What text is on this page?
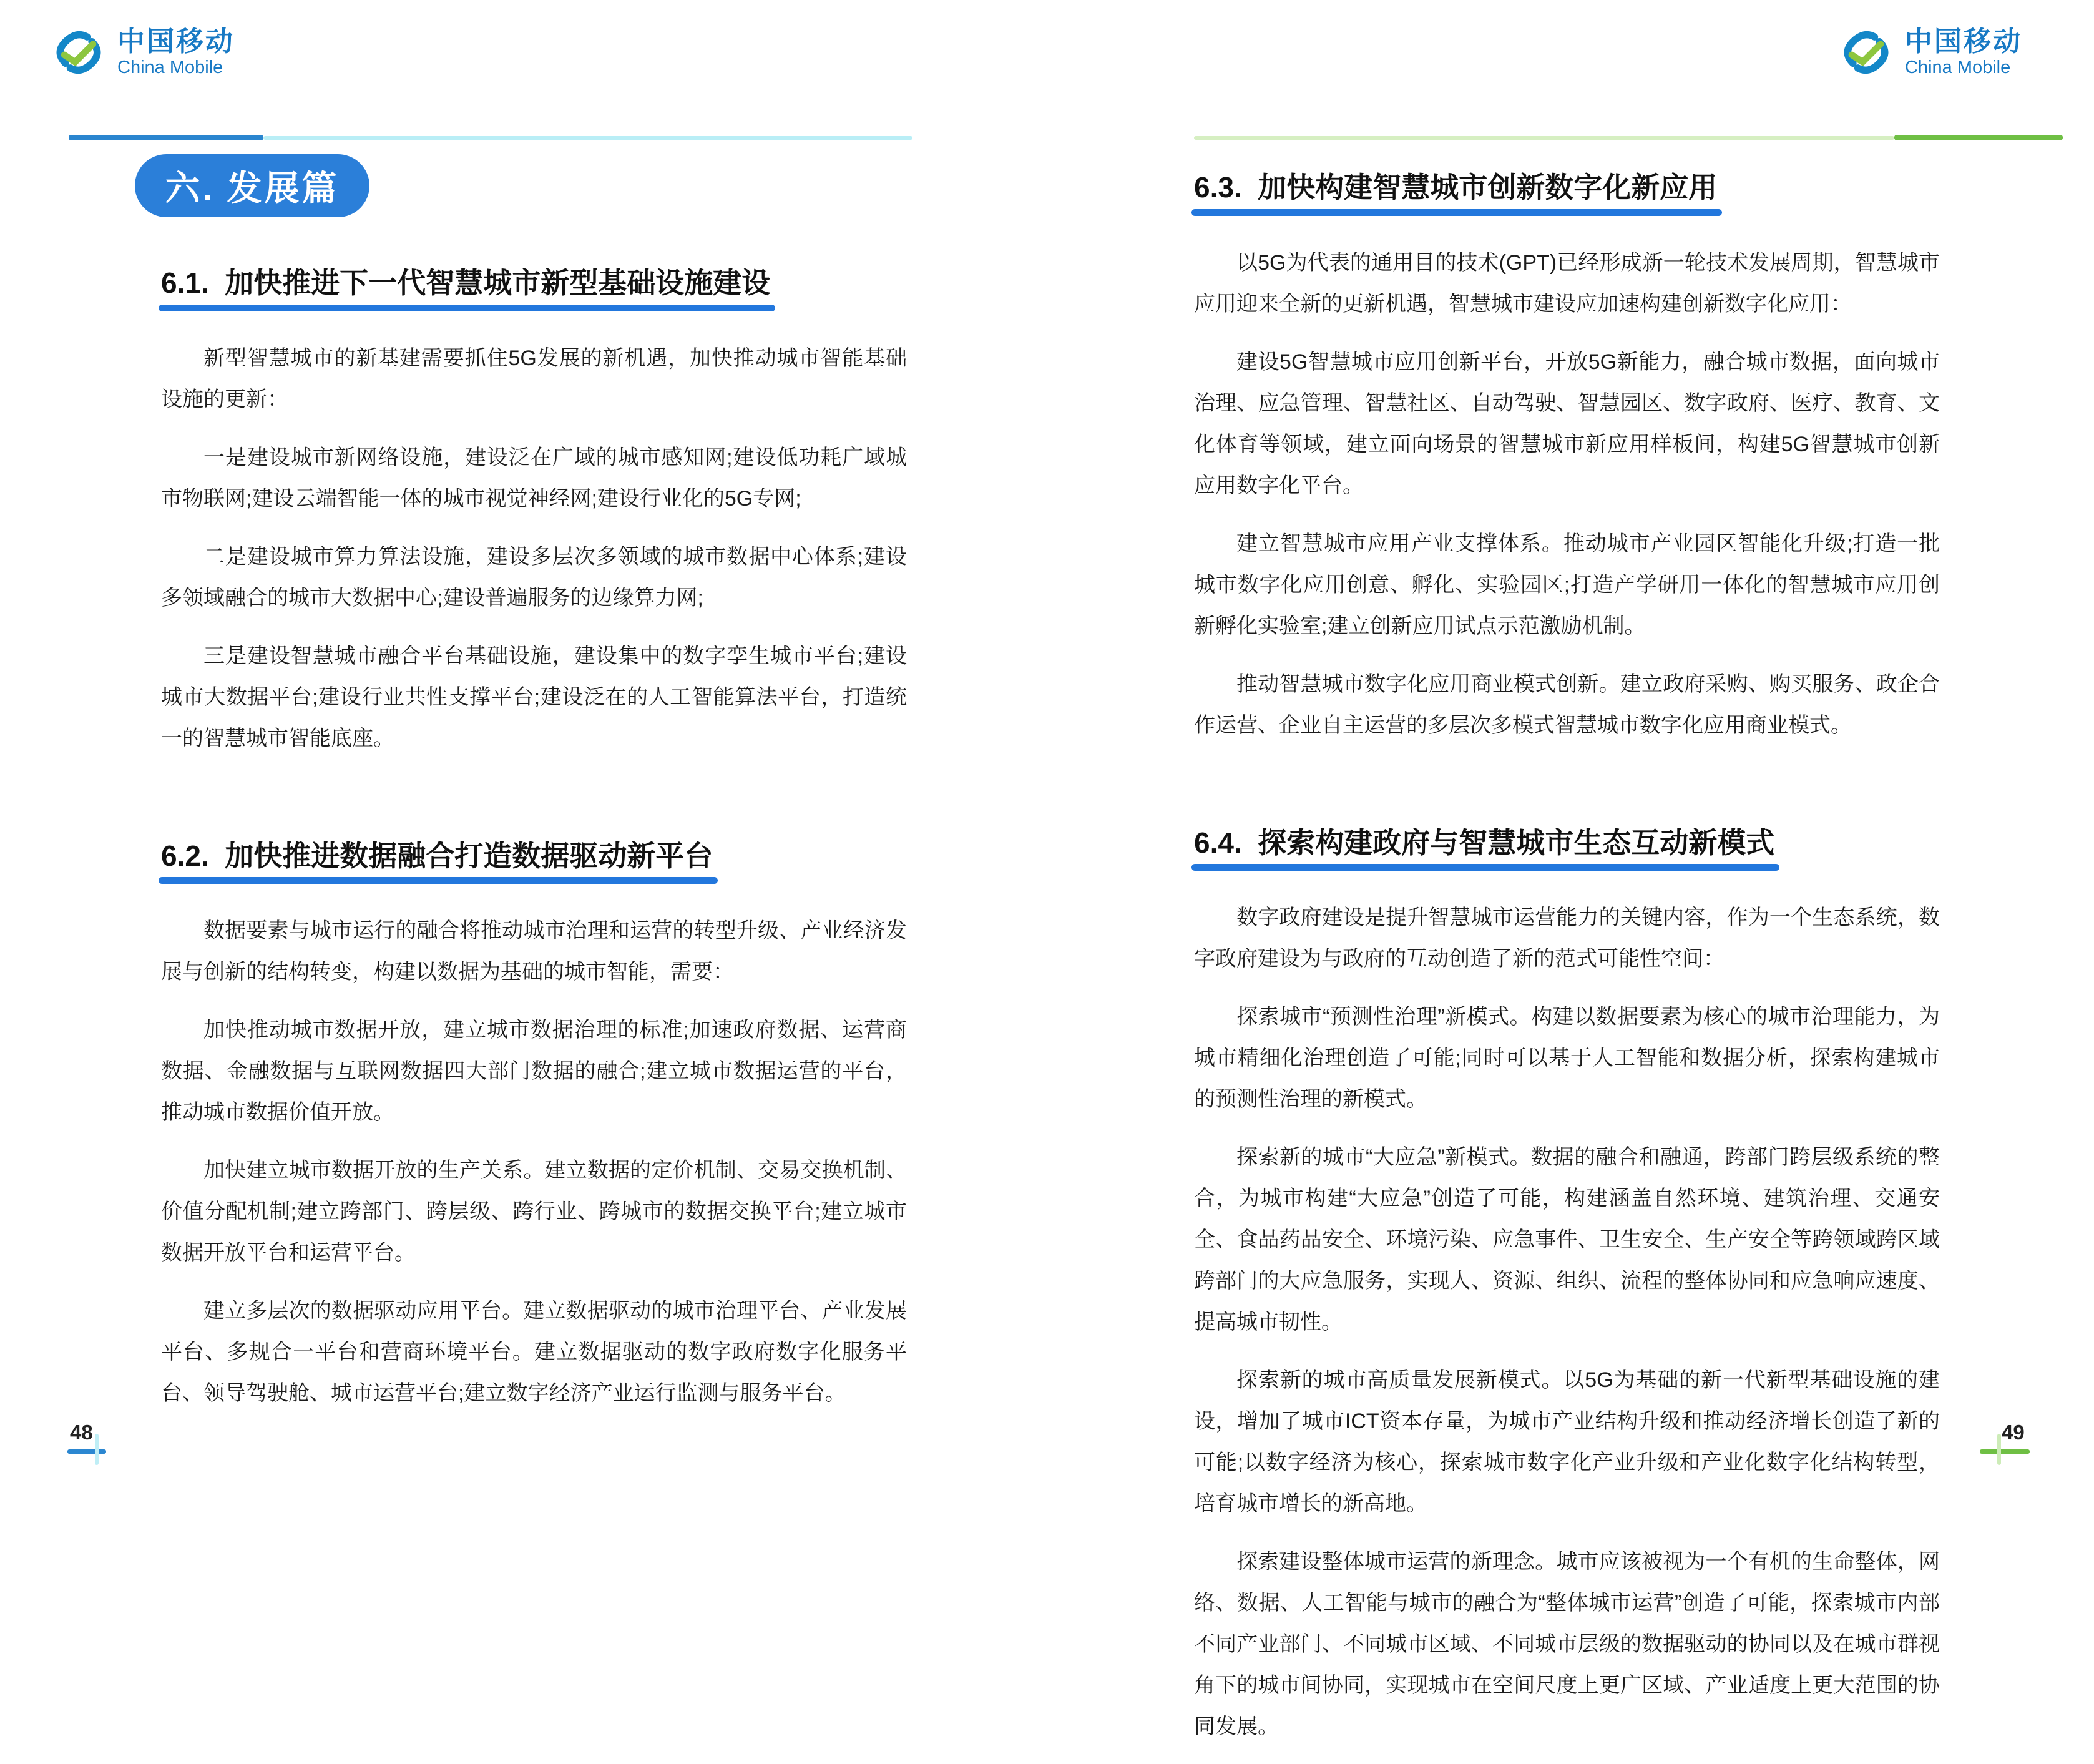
中国移动
China Mobile
中国移动
China Mobile
六. 发展篇
6.1.  加快推进下一代智慧城市新型基础设施建设

新型智慧城市的新基建需要抓住5G发展的新机遇，加快推动城市智能基础设施的更新：

一是建设城市新网络设施，建设泛在广域的城市感知网;建设低功耗广域城市物联网;建设云端智能一体的城市视觉神经网;建设行业化的5G专网;

二是建设城市算力算法设施，建设多层次多领域的城市数据中心体系;建设多领域融合的城市大数据中心;建设普遍服务的边缘算力网;

三是建设智慧城市融合平台基础设施，建设集中的数字孪生城市平台;建设城市大数据平台;建设行业共性支撑平台;建设泛在的人工智能算法平台，打造统一的智慧城市智能底座。

6.2.  加快推进数据融合打造数据驱动新平台

数据要素与城市运行的融合将推动城市治理和运营的转型升级、产业经济发展与创新的结构转变，构建以数据为基础的城市智能，需要：

加快推动城市数据开放，建立城市数据治理的标准;加速政府数据、运营商数据、金融数据与互联网数据四大部门数据的融合;建立城市数据运营的平台，推动城市数据价值开放。

加快建立城市数据开放的生产关系。建立数据的定价机制、交易交换机制、价值分配机制;建立跨部门、跨层级、跨行业、跨城市的数据交换平台;建立城市数据开放平台和运营平台。

建立多层次的数据驱动应用平台。建立数据驱动的城市治理平台、产业发展平台、多规合一平台和营商环境平台。建立数据驱动的数字政府数字化服务平台、领导驾驶舱、城市运营平台;建立数字经济产业运行监测与服务平台。

6.3.  加快构建智慧城市创新数字化新应用

以5G为代表的通用目的技术(GPT)已经形成新一轮技术发展周期，智慧城市应用迎来全新的更新机遇，智慧城市建设应加速构建创新数字化应用：

建设5G智慧城市应用创新平台，开放5G新能力，融合城市数据，面向城市治理、应急管理、智慧社区、自动驾驶、智慧园区、数字政府、医疗、教育、文化体育等领域，建立面向场景的智慧城市新应用样板间，构建5G智慧城市创新应用数字化平台。

建立智慧城市应用产业支撑体系。推动城市产业园区智能化升级;打造一批城市数字化应用创意、孵化、实验园区;打造产学研用一体化的智慧城市应用创新孵化实验室;建立创新应用试点示范激励机制。

推动智慧城市数字化应用商业模式创新。建立政府采购、购买服务、政企合作运营、企业自主运营的多层次多模式智慧城市数字化应用商业模式。

6.4.  探索构建政府与智慧城市生态互动新模式

数字政府建设是提升智慧城市运营能力的关键内容，作为一个生态系统，数字政府建设为与政府的互动创造了新的范式可能性空间：

探索城市“预测性治理”新模式。构建以数据要素为核心的城市治理能力，为城市精细化治理创造了可能;同时可以基于人工智能和数据分析，探索构建城市的预测性治理的新模式。

探索新的城市“大应急”新模式。数据的融合和融通，跨部门跨层级系统的整合，为城市构建“大应急”创造了可能，构建涵盖自然环境、建筑治理、交通安全、食品药品安全、环境污染、应急事件、卫生安全、生产安全等跨领域跨区域跨部门的大应急服务，实现人、资源、组织、流程的整体协同和应急响应速度、提高城市韧性。

探索新的城市高质量发展新模式。以5G为基础的新一代新型基础设施的建设，增加了城市ICT资本存量，为城市产业结构升级和推动经济增长创造了新的可能;以数字经济为核心，探索城市数字化产业升级和产业化数字化结构转型，培育城市增长的新高地。

探索建设整体城市运营的新理念。城市应该被视为一个有机的生命整体，网络、数据、人工智能与城市的融合为“整体城市运营”创造了可能，探索城市内部不同产业部门、不同城市区域、不同城市层级的数据驱动的协同以及在城市群视角下的城市间协同，实现城市在空间尺度上更广区域、产业适度上更大范围的协同发展。

48	49
